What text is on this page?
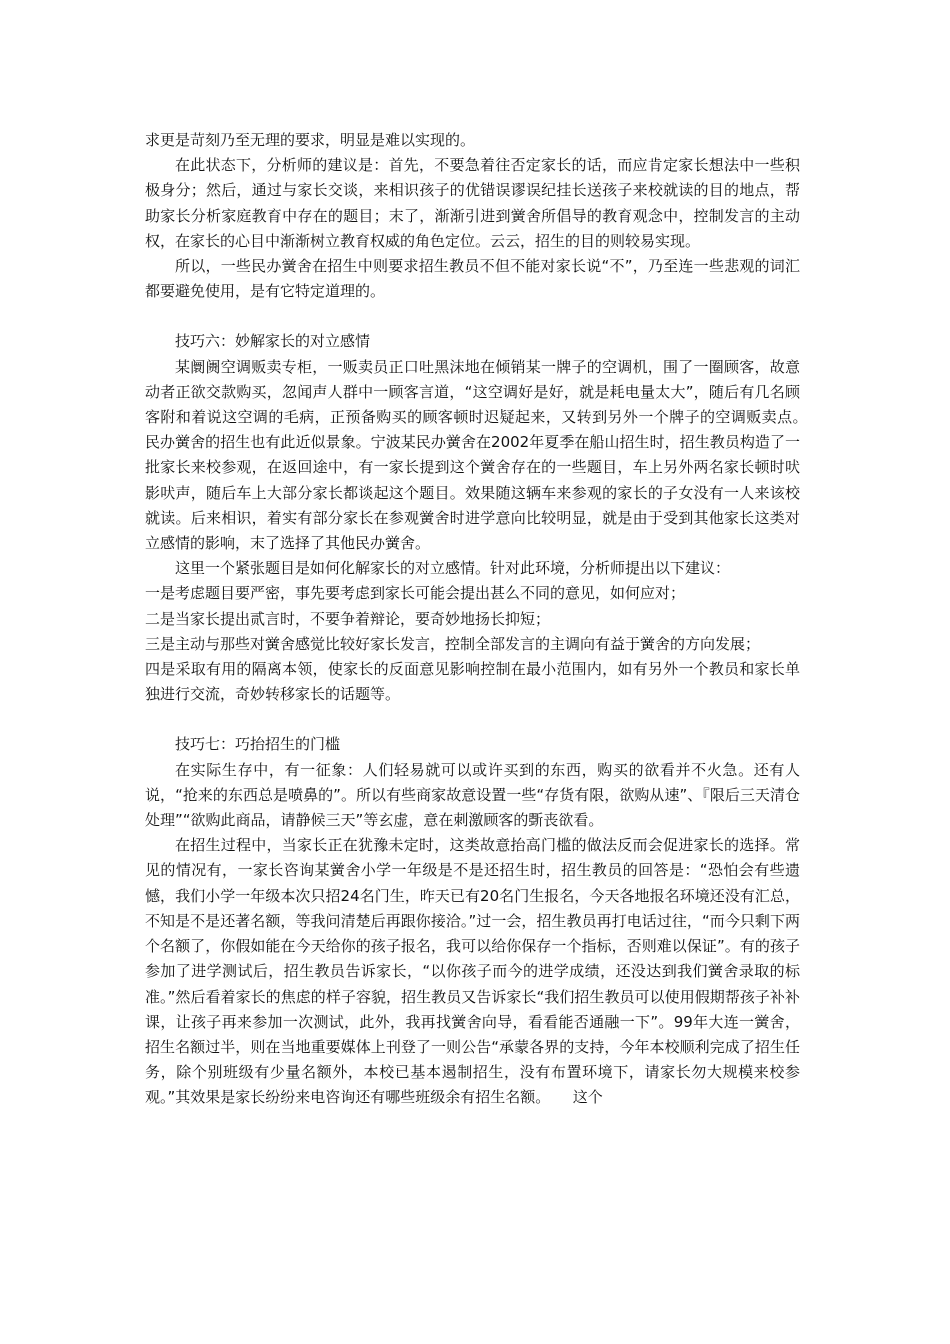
求更是苛刻乃至无理的要求，明显是难以实现的。

在此状态下，分析师的建议是：首先，不要急着往否定家长的话，而应肯定家长想法中一些积极身分；然后，通过与家长交谈，来相识孩子的优错误谬误纪挂长送孩子来校就读的目的地点，帮助家长分析家庭教育中存在的题目；末了，渐渐引进到黉舍所倡导的教育观念中，控制发言的主动权，在家长的心目中渐渐树立教育权威的角色定位。云云，招生的目的则较易实现。

所以，一些民办黉舍在招生中则要求招生教员不但不能对家长说“不”，乃至连一些悲观的词汇都要避免使用，是有它特定道理的。

技巧六：妙解家长的对立感情

某阛阓空调贩卖专柜，一贩卖员正口吐黑沫地在倾销某一牌子的空调机，围了一圈顾客，故意动者正欲交款购买，忽闻声人群中一顾客言道，“这空调好是好，就是耗电量太大”，随后有几名顾客附和着说这空调的毛病，正预备购买的顾客顿时迟疑起来，又转到另外一个牌子的空调贩卖点。　　民办黉舍的招生也有此近似景象。宁波某民办黉舍在2002年夏季在船山招生时，招生教员构造了一批家长来校参观，在返回途中，有一家长提到这个黉舍存在的一些题目，车上另外两名家长顿时吠影吠声，随后车上大部分家长都谈起这个题目。效果随这辆车来参观的家长的子女没有一人来该校就读。后来相识，着实有部分家长在参观黉舍时进学意向比较明显，就是由于受到其他家长这类对立感情的影响，末了选择了其他民办黉舍。

这里一个紧张题目是如何化解家长的对立感情。针对此环境，分析师提出以下建议：

一是考虑题目要严密，事先要考虑到家长可能会提出甚么不同的意见，如何应对；

二是当家长提出贰言时，不要争着辩论，要奇妙地扬长抑短；

三是主动与那些对黉舍感觉比较好家长发言，控制全部发言的主调向有益于黉舍的方向发展；

四是采取有用的隔离本领，使家长的反面意见影响控制在最小范围内，如有另外一个教员和家长单独进行交流，奇妙转移家长的话题等。

技巧七：巧抬招生的门槛

在实际生存中，有一征象：人们轻易就可以或许买到的东西，购买的欲看并不火急。还有人说，“抢来的东西总是喷鼻的”。所以有些商家故意设置一些“存货有限，欲购从速”、『限后三天清仓处理”“欲购此商品，请静候三天”等玄虚，意在刺激顾客的斲丧欲看。

在招生过程中，当家长正在犹豫未定时，这类故意抬高门槛的做法反而会促进家长的选择。常见的情况有，一家长咨询某黉舍小学一年级是不是还招生时，招生教员的回答是：“恐怕会有些遗憾，我们小学一年级本次只招24名门生，昨天已有20名门生报名，今天各地报名环境还没有汇总，不知是不是还著名额，等我问清楚后再跟你接洽。”过一会，招生教员再打电话过往，“而今只剩下两个名额了，你假如能在今天给你的孩子报名，我可以给你保存一个指标，否则难以保证”。有的孩子参加了进学测试后，招生教员告诉家长，“以你孩子而今的进学成绩，还没达到我们黉舍录取的标准。”然后看着家长的焦虑的样子容貌，招生教员又告诉家长“我们招生教员可以使用假期帮孩子补补课，让孩子再来参加一次测试，此外，我再找黉舍向导，看看能否通融一下”。99年大连一黉舍，招生名额过半，则在当地重要媒体上刊登了一则公告“承蒙各界的支持，今年本校顺利完成了招生任务，除个别班级有少量名额外，本校已基本遏制招生，没有布置环境下，请家长勿大规模来校参观。”其效果是家长纷纷来电咨询还有哪些班级余有招生名额。　　这个
